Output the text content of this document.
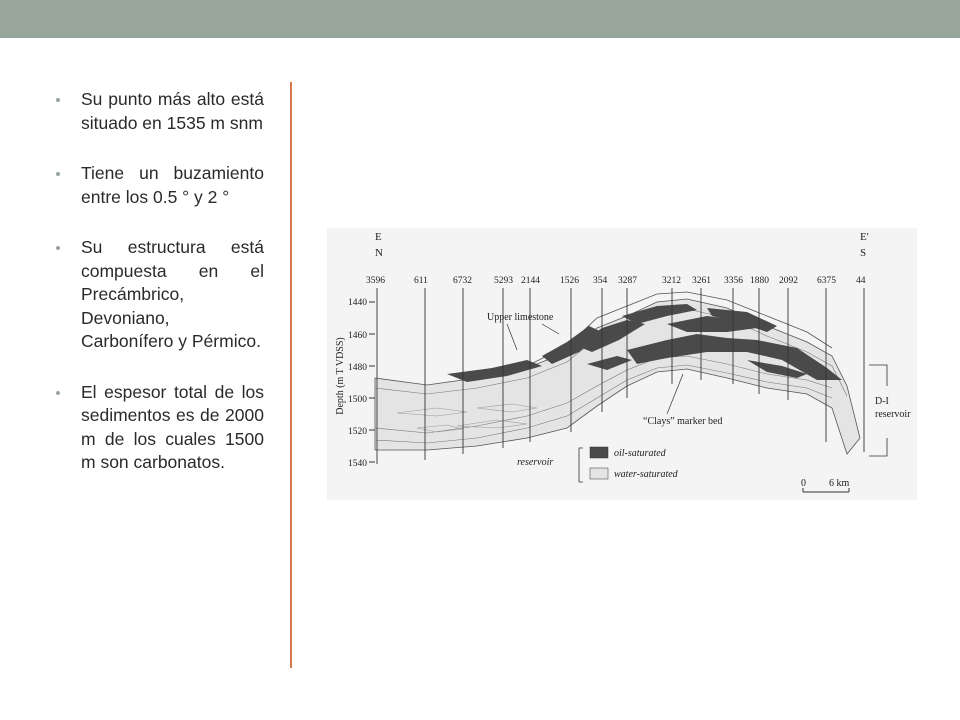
Su punto más alto está situado en 1535 m snm
Tiene un buzamiento entre los 0.5 ° y 2 °
Su estructura está compuesta en el Precámbrico, Devoniano, Carbonífero y Pérmico.
El espesor total de los sedimentos es de 2000 m de los cuales 1500 m son carbonatos.
E
N
E'
S
3596	611	6732 5293 2144 1526 354 3287	3212 3261 3356 1880 2092 6375 44
Depth (m T VDSS)
1440
1460
1480
1500
1520
1540
Upper limestone
“Clays” marker bed
D-I
reservoir
reservoir
oil-saturated
water-saturated
0 6 km
